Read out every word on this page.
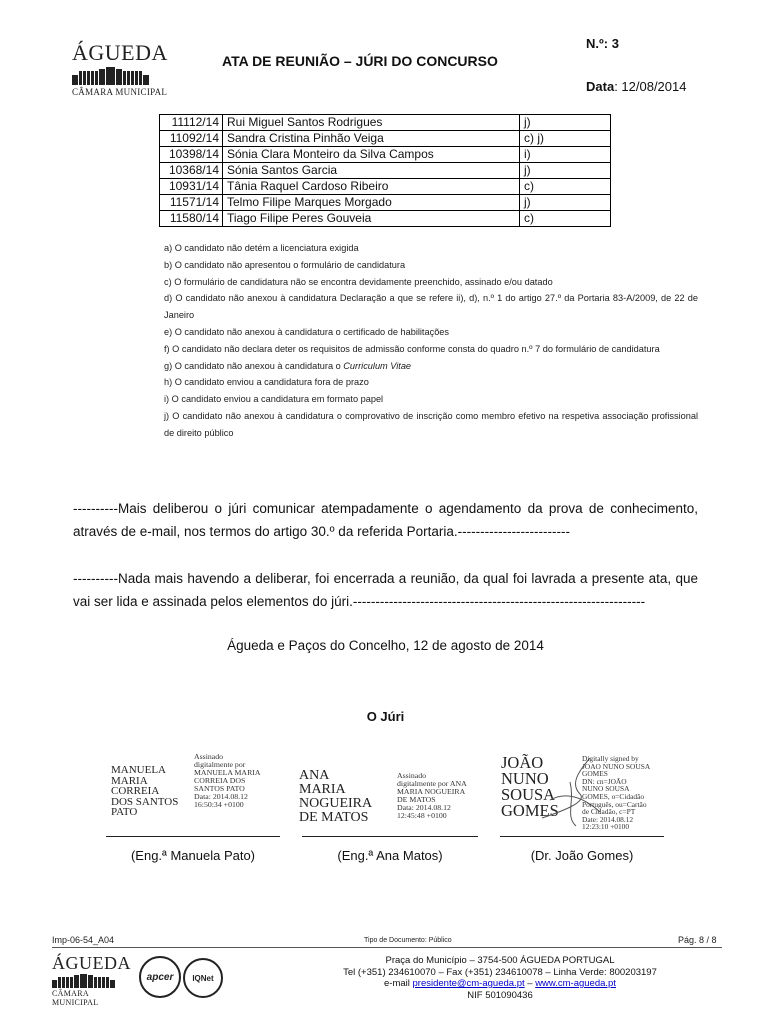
ÁGUEDA
CÂMARA MUNICIPAL
ATA DE REUNIÃO – JÚRI DO CONCURSO
N.º: 3
Data: 12/08/2014
11112/14	Rui Miguel Santos Rodrigues	j)
11092/14	Sandra Cristina Pinhão Veiga	c) j)
10398/14	Sónia Clara Monteiro da Silva Campos	i)
10368/14	Sónia Santos Garcia	j)
10931/14	Tânia Raquel Cardoso Ribeiro	c)
11571/14	Telmo Filipe Marques Morgado	j)
11580/14	Tiago Filipe Peres Gouveia	c)

a) O candidato não detém a licenciatura exigida

b) O candidato não apresentou o formulário de candidatura

c) O formulário de candidatura não se encontra devidamente preenchido, assinado e/ou datado

d) O candidato não anexou à candidatura Declaração a que se refere ii), d), n.º 1 do artigo 27.º da Portaria 83-A/2009, de 22 de Janeiro

e) O candidato não anexou à candidatura o certificado de habilitações

f) O candidato não declara deter os requisitos de admissão conforme consta do quadro n.º 7 do formulário de candidatura

g) O candidato não anexou à candidatura o Curriculum Vitae

h) O candidato enviou a candidatura fora de prazo

i) O candidato enviou a candidatura em formato papel

j) O candidato não anexou à candidatura o comprovativo de inscrição como membro efetivo na respetiva associação profissional de direito público

----------Mais deliberou o júri comunicar atempadamente o agendamento da prova de conhecimento, através de e-mail, nos termos do artigo 30.º da referida Portaria.-------------------------
----------Nada mais havendo a deliberar, foi encerrada a reunião, da qual foi lavrada a presente ata, que vai ser lida e assinada pelos elementos do júri.-----------------------------------------------------------------
Águeda e Paços do Concelho, 12 de agosto de 2014
O Júri
MANUELA
MARIA
CORREIA
DOS SANTOS
PATO
Assinado
digitalmente por
MANUELA MARIA
CORREIA DOS
SANTOS PATO
Data: 2014.08.12
16:50:34 +0100
(Eng.ª Manuela Pato)
ANA
MARIA
NOGUEIRA
DE MATOS
Assinado
digitalmente por ANA
MARIA NOGUEIRA
DE MATOS
Data: 2014.08.12
12:45:48 +0100
(Eng.ª Ana Matos)
JOÃO
NUNO
SOUSA
GOMES
Digitally signed by
JOAO NUNO SOUSA
GOMES
DN: cn=JOÃO
NUNO SOUSA
GOMES, o=Cidadão
Português, ou=Cartão
de Cidadão, c=PT
Date: 2014.08.12
12:23:10 +0100
(Dr. João Gomes)
Imp-06-54_A04	Tipo de Documento: Público	Pág. 8 / 8
ÁGUEDA
CÂMARA MUNICIPAL
apcer IQNet
Praça do Município – 3754-500 ÁGUEDA PORTUGAL
Tel (+351) 234610070 – Fax (+351) 234610078 – Linha Verde: 800203197
e-mail presidente@cm-agueda.pt – www.cm-agueda.pt
NIF 501090436
